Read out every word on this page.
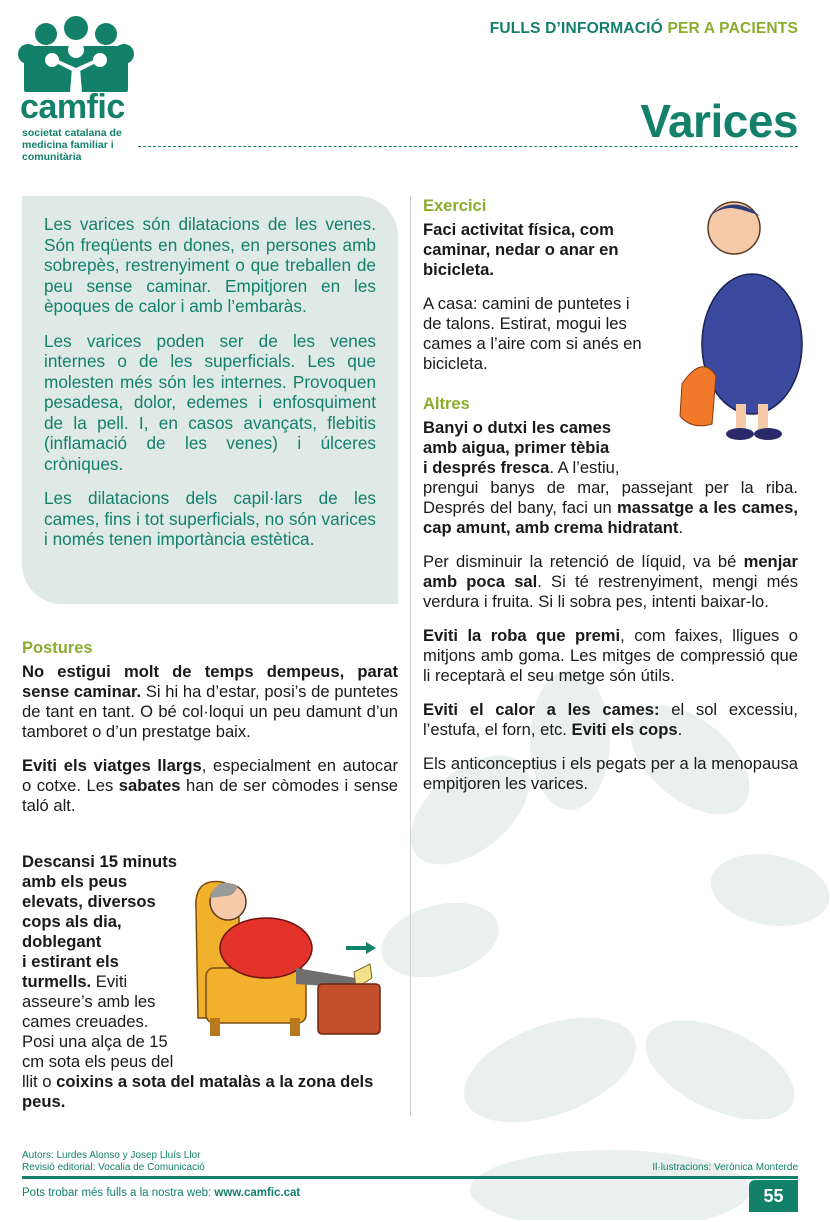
camfic
societat catalana de
medicina familiar i
comunitària
FULLS D’INFORMACIÓ PER A PACIENTS
Varices

Les varices són dilatacions de les venes. Són freqüents en dones, en persones amb sobrepès, restrenyiment o que treballen de peu sense caminar. Empitjoren en les èpoques de calor i amb l’embaràs.

Les varices poden ser de les venes internes o de les superficials. Les que molesten més són les internes. Provoquen pesadesa, dolor, edemes i enfosquiment de la pell. I, en casos avançats, flebitis (inflamació de les venes) i úlceres cròniques.

Les dilatacions dels capil·lars de les cames, fins i tot superficials, no són varices i només tenen importància estètica.

Postures

No estigui molt de temps dempeus, parat sense caminar. Si hi ha d’estar, posi’s de puntetes de tant en tant. O bé col·loqui un peu damunt d’un tamboret o d’un prestatge baix.

Eviti els viatges llargs, especialment en autocar o cotxe. Les sabates han de ser còmodes i sense taló alt.

Descansi 15 minuts
amb els peus
elevats, diversos
cops als dia,
doblegant
i estirant els
turmells. Eviti
asseure’s amb les
cames creuades.
Posi una alça de 15
cm sota els peus del
llit o coixins a sota del matalàs a la zona dels peus.
Exercici
Faci activitat física, com
caminar, nedar o anar en
bicicleta.
A casa: camini de puntetes i
de talons. Estirat, mogui les
cames a l’aire com si anés en
bicicleta.
Altres
Banyi o dutxi les cames
amb aigua, primer tèbia
i després fresca. A l’estiu,

prengui banys de mar, passejant per la riba. Després del bany, faci un massatge a les cames, cap amunt, amb crema hidratant.

Per disminuir la retenció de líquid, va bé menjar amb poca sal. Si té restrenyiment, mengi més verdura i fruita. Si li sobra pes, intenti baixar-lo.

Eviti la roba que premi, com faixes, lligues o mitjons amb goma. Les mitges de compressió que li receptarà el seu metge són útils.

Eviti el calor a les cames: el sol excessiu, l’estufa, el forn, etc. Eviti els cops.

Els anticonceptius i els pegats per a la menopausa empitjoren les varices.

Autors: Lurdes Alonso y Josep Lluís Llor
Revisió editorial: Vocalia de Comunicació	Il·lustracions: Verònica Monterde
Pots trobar més fulls a la nostra web: www.camfic.cat	55
